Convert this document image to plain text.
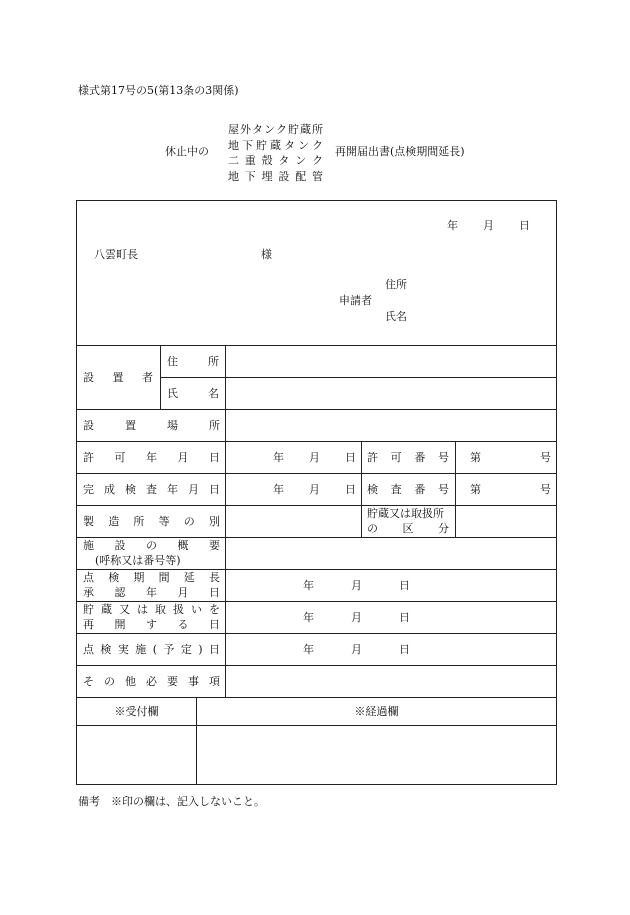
様式第17号の5(第13条の3関係)
休止中の
屋 外 タ ン ク 貯 蔵 所
地 下 貯 蔵 タ ン ク
二 重 殻 タ ン ク
地 下 埋 設 配 管
再開届出書(点検期間延長)
年 月 日
八雲町長	様
申請者
住所
氏名
設 置 者
住	所
氏	名
設	置	場	所
許 可 年 月 日	年 月 日 許 可 番 号 第	号
完 成 検 査 年 月 日	年 月 日 検 査 番 号 第	号
製 造 所 等 の 別
貯蔵又は取扱所
の 区 分
施 設 の 概 要
(呼称又は番号等)
点 検 期 間 延 長
承 認 年 月 日
年	月	日
貯 蔵 又 は 取 扱 い を
再 開 す る 日
年	月	日
点 検 実 施 ( 予 定 ) 日	年	月	日
そ の 他 必 要 事 項
※受付欄	※経過欄
備考　※印の欄は、記入しないこと。
